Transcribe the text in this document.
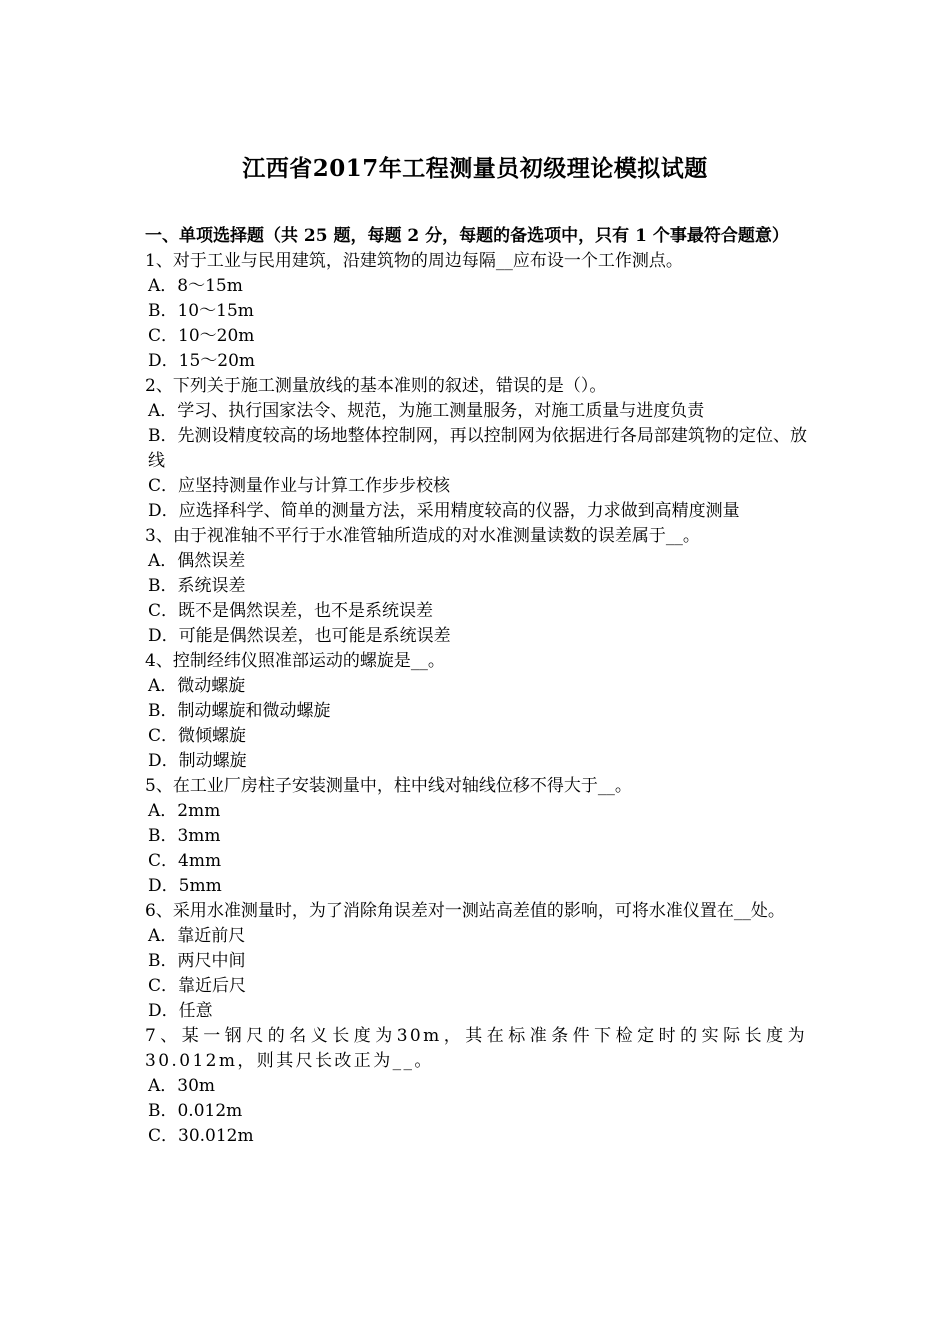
江西省2017年工程测量员初级理论模拟试题

一、单项选择题（共 25 题，每题 2 分，每题的备选项中，只有 1 个事最符合题意）

1、对于工业与民用建筑，沿建筑物的周边每隔__应布设一个工作测点。

A．8～15m

B．10～15m

C．10～20m

D．15～20m

2、下列关于施工测量放线的基本准则的叙述，错误的是（）。

A．学习、执行国家法令、规范，为施工测量服务，对施工质量与进度负责

B．先测设精度较高的场地整体控制网，再以控制网为依据进行各局部建筑物的定位、放线

C．应坚持测量作业与计算工作步步校核

D．应选择科学、简单的测量方法，采用精度较高的仪器，力求做到高精度测量

3、由于视准轴不平行于水准管轴所造成的对水准测量读数的误差属于__。

A．偶然误差

B．系统误差

C．既不是偶然误差，也不是系统误差

D．可能是偶然误差，也可能是系统误差

4、控制经纬仪照准部运动的螺旋是__。

A．微动螺旋

B．制动螺旋和微动螺旋

C．微倾螺旋

D．制动螺旋

5、在工业厂房柱子安装测量中，柱中线对轴线位移不得大于__。

A．2mm

B．3mm

C．4mm

D．5mm

6、采用水准测量时，为了消除角误差对一测站高差值的影响，可将水准仪置在__处。

A．靠近前尺

B．两尺中间

C．靠近后尺

D．任意

7、某一钢尺的名义长度为30m，其在标准条件下检定时的实际长度为30.012m，则其尺长改正为__。

A．30m

B．0.012m

C．30.012m
